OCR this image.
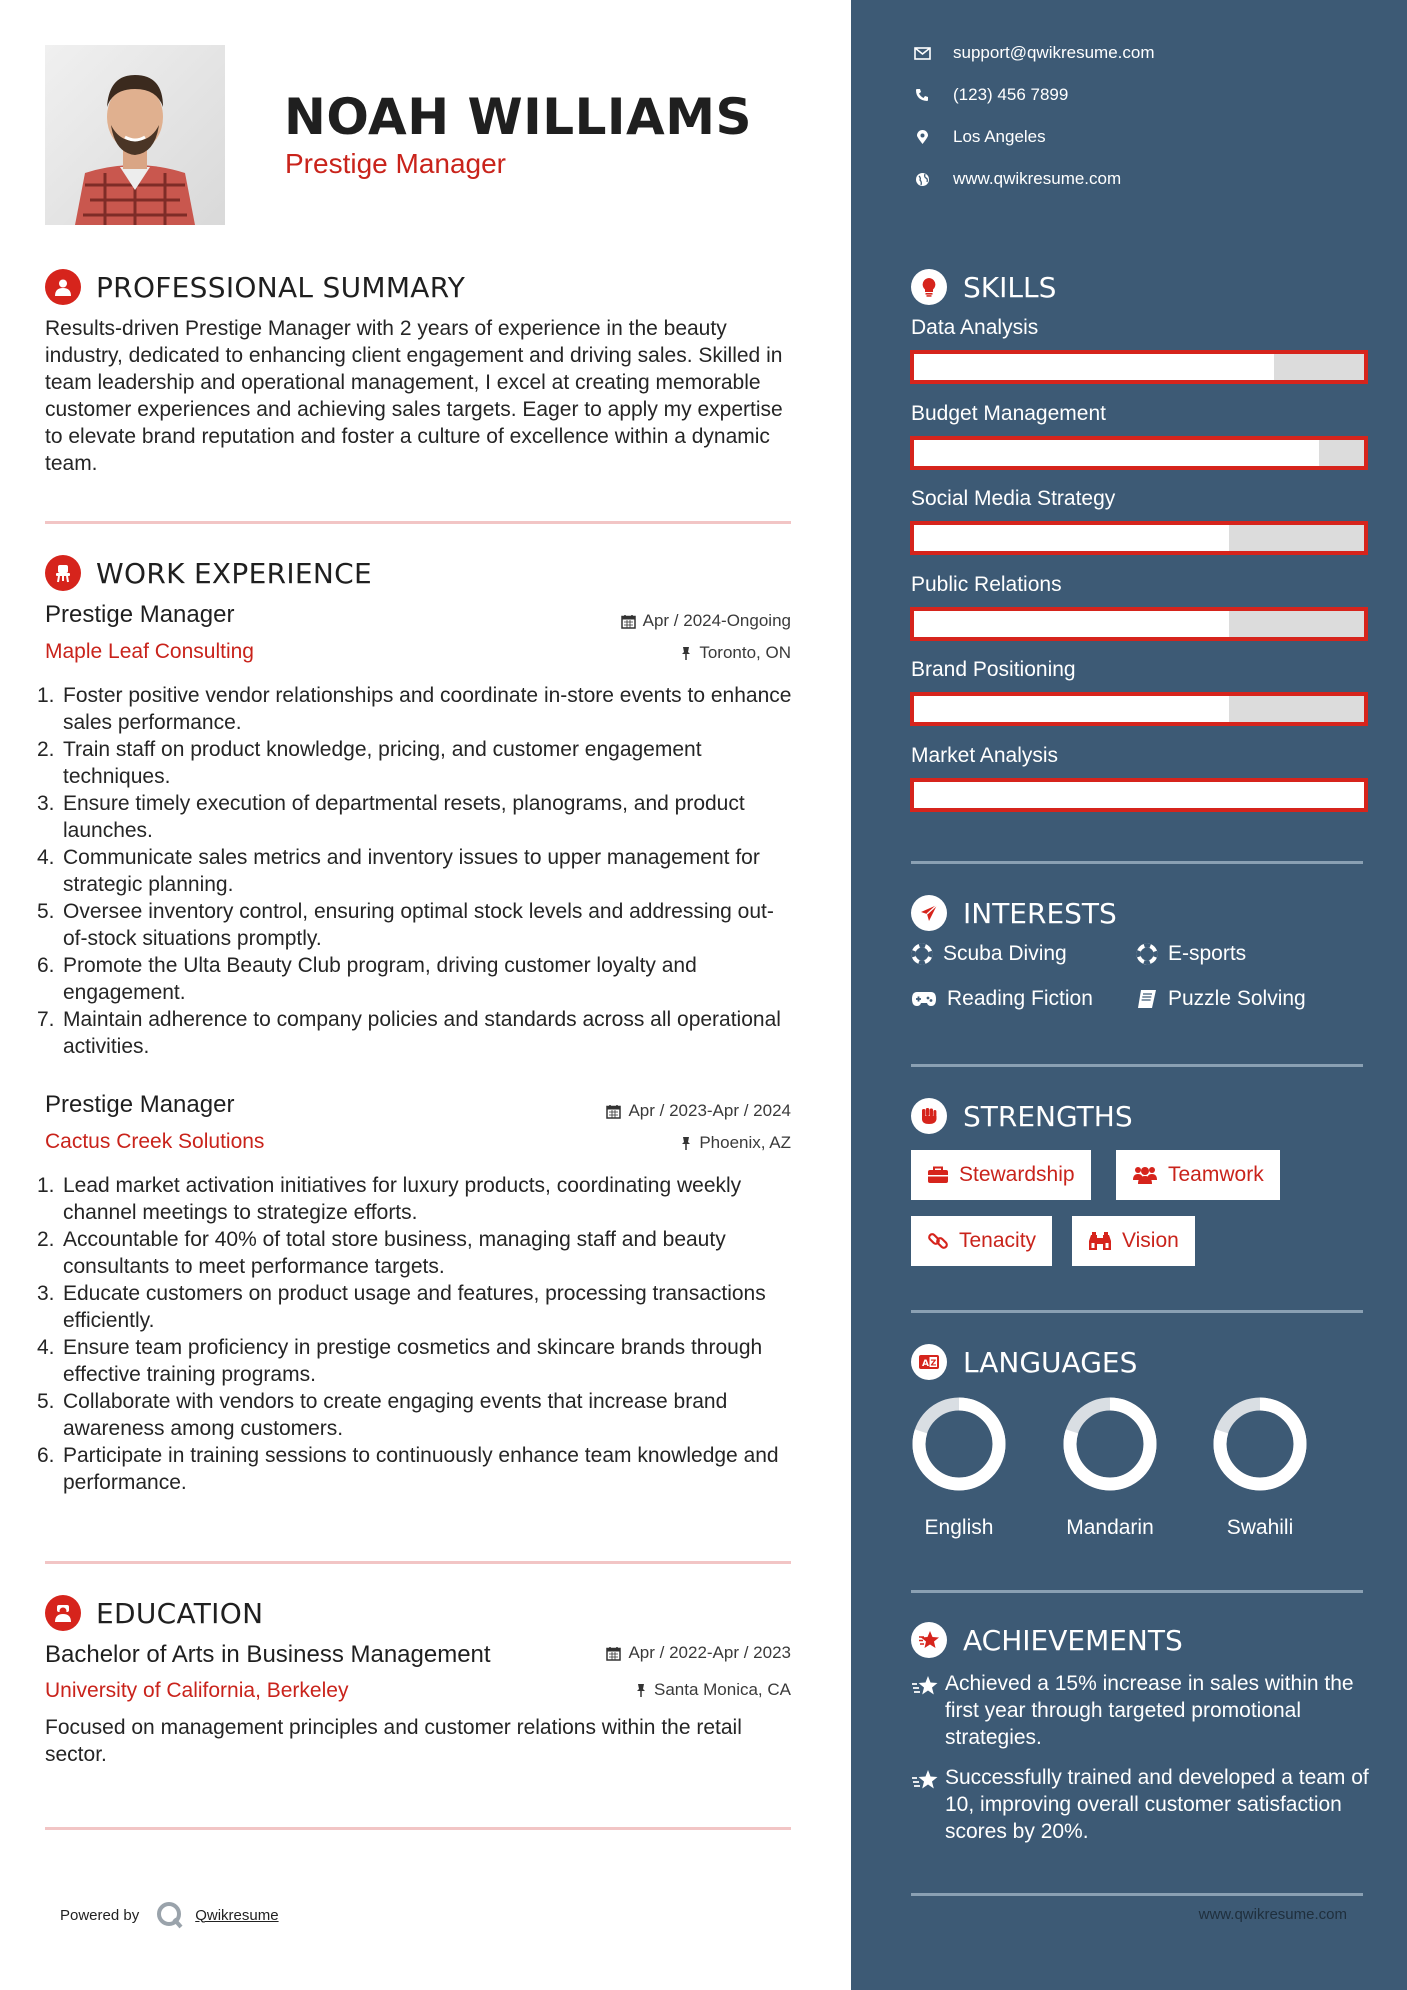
NOAH WILLIAMS
Prestige Manager
PROFESSIONAL SUMMARY
Results-driven Prestige Manager with 2 years of experience in the beauty industry, dedicated to enhancing client engagement and driving sales. Skilled in team leadership and operational management, I excel at creating memorable customer experiences and achieving sales targets. Eager to apply my expertise to elevate brand reputation and foster a culture of excellence within a dynamic team.
WORK EXPERIENCE
Prestige Manager	Apr / 2024-Ongoing
Maple Leaf Consulting	Toronto, ON
1. Foster positive vendor relationships and coordinate in-store events to enhance sales performance.
2. Train staff on product knowledge, pricing, and customer engagement techniques.
3. Ensure timely execution of departmental resets, planograms, and product launches.
4. Communicate sales metrics and inventory issues to upper management for strategic planning.
5. Oversee inventory control, ensuring optimal stock levels and addressing out-of-stock situations promptly.
6. Promote the Ulta Beauty Club program, driving customer loyalty and engagement.
7. Maintain adherence to company policies and standards across all operational activities.
Prestige Manager	Apr / 2023-Apr / 2024
Cactus Creek Solutions	Phoenix, AZ
1. Lead market activation initiatives for luxury products, coordinating weekly channel meetings to strategize efforts.
2. Accountable for 40% of total store business, managing staff and beauty consultants to meet performance targets.
3. Educate customers on product usage and features, processing transactions efficiently.
4. Ensure team proficiency in prestige cosmetics and skincare brands through effective training programs.
5. Collaborate with vendors to create engaging events that increase brand awareness among customers.
6. Participate in training sessions to continuously enhance team knowledge and performance.
EDUCATION
Bachelor of Arts in Business Management	Apr / 2022-Apr / 2023
University of California, Berkeley	Santa Monica, CA
Focused on management principles and customer relations within the retail sector.
Powered by	Qwikresume
support@qwikresume.com
(123) 456 7899
Los Angeles
www.qwikresume.com
SKILLS
Data Analysis
Budget Management
Social Media Strategy
Public Relations
Brand Positioning
Market Analysis
INTERESTS
Scuba Diving	E-sports
Reading Fiction	Puzzle Solving
STRENGTHS
Stewardship	Teamwork
Tenacity	Vision
A Z LANGUAGES
English	Mandarin	Swahili
ACHIEVEMENTS
Achieved a 15% increase in sales within the first year through targeted promotional strategies.
Successfully trained and developed a team of 10, improving overall customer satisfaction scores by 20%.
www.qwikresume.com
